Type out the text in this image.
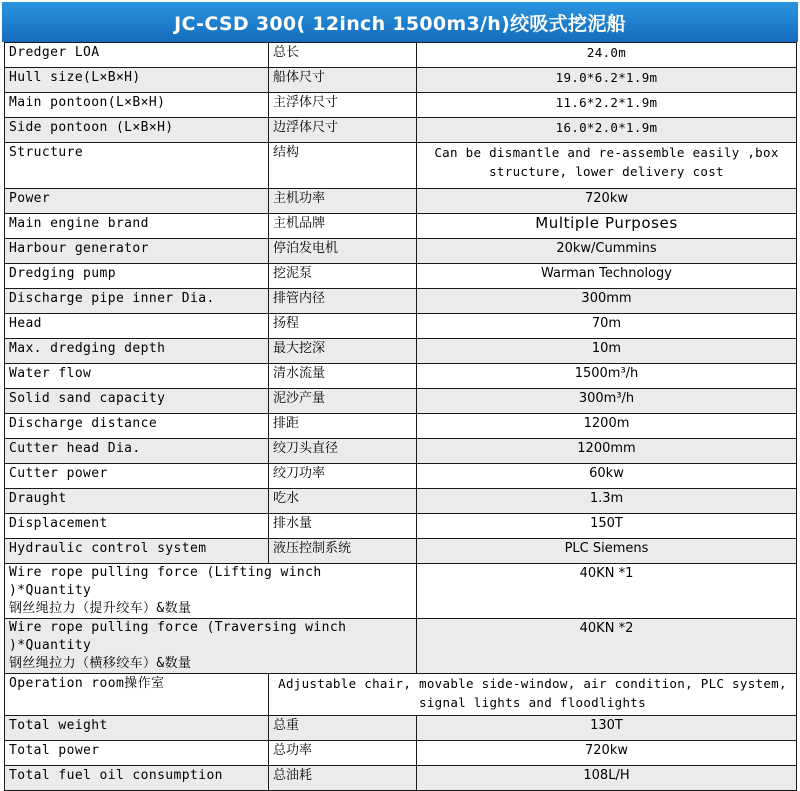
JC-CSD 300( 12inch 1500m3/h)绞吸式挖泥船
Dredger LOA	总长	24.0m
Hull size(L×B×H)	船体尺寸	19.0*6.2*1.9m
Main pontoon(L×B×H)	主浮体尺寸	11.6*2.2*1.9m
Side pontoon (L×B×H)	边浮体尺寸	16.0*2.0*1.9m
Structure	结构	Can be dismantle and re-assemble easily ,box
structure, lower delivery cost

Power	主机功率	720kw
Main engine brand	主机品牌	Multiple Purposes
Harbour generator	停泊发电机	20kw/Cummins
Dredging pump	挖泥泵	Warman Technology
Discharge pipe inner Dia.	排管内径	300mm
Head	扬程	70m
Max. dredging depth	最大挖深	10m
Water flow	清水流量	1500m³/h
Solid sand capacity	泥沙产量	300m³/h
Discharge distance	排距	1200m
Cutter head Dia.	绞刀头直径	1200mm
Cutter power	绞刀功率	60kw
Draught	吃水	1.3m
Displacement	排水量	150T
Hydraulic control system	液压控制系统	PLC Siemens

Wire rope pulling force (Lifting winch )*Quantity
钢丝绳拉力（提升绞车）&数量		40KN *1

Wire rope pulling force (Traversing winch )*Quantity
钢丝绳拉力（横移绞车）&数量		40KN *2
Operation room操作室	Adjustable chair, movable side-window, air condition, PLC system,
signal lights and floodlights	

Total weight	总重	130T
Total power	总功率	720kw
Total fuel oil consumption	总油耗	108L/H
